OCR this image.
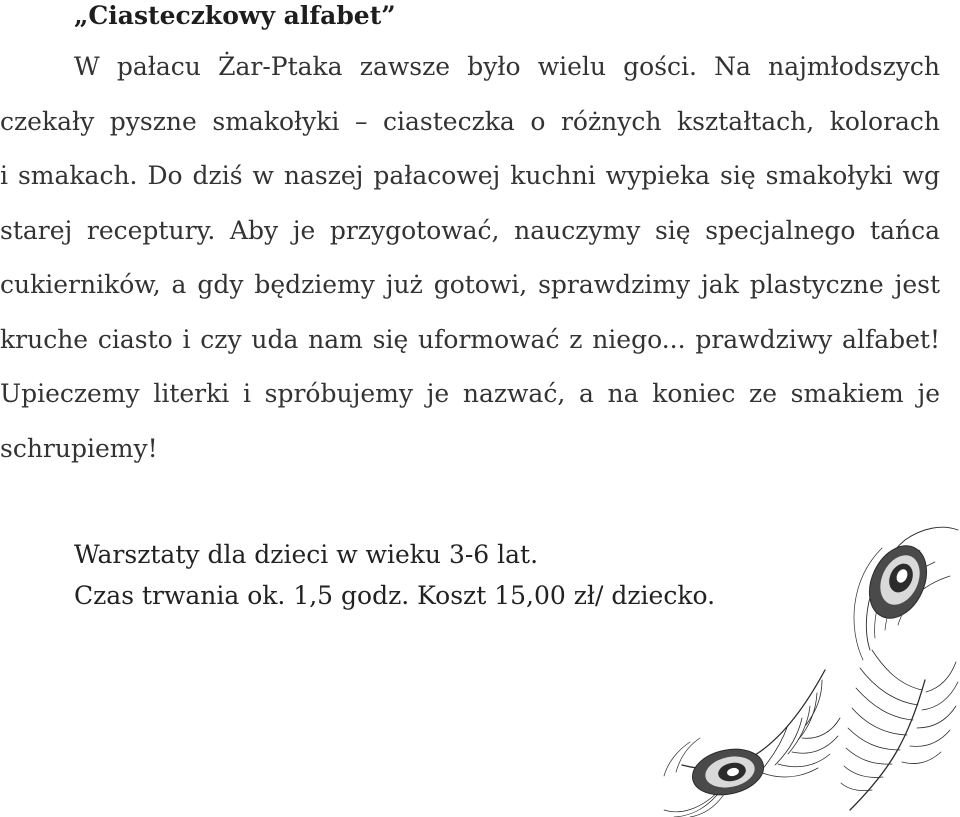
„Ciasteczkowy alfabet”
W pałacu Żar-Ptaka zawsze było wielu gości. Na najmłodszych
czekały pyszne smakołyki – ciasteczka o różnych kształtach, kolorach
i smakach. Do dziś w naszej pałacowej kuchni wypieka się smakołyki wg
starej receptury. Aby je przygotować, nauczymy się specjalnego tańca
cukierników, a gdy będziemy już gotowi, sprawdzimy jak plastyczne jest
kruche ciasto i czy uda nam się uformować z niego... prawdziwy alfabet!
Upieczemy literki i spróbujemy je nazwać, a na koniec ze smakiem je
schrupiemy!
Warsztaty dla dzieci w wieku 3-6 lat.
Czas trwania ok. 1,5 godz. Koszt 15,00 zł/ dziecko.
